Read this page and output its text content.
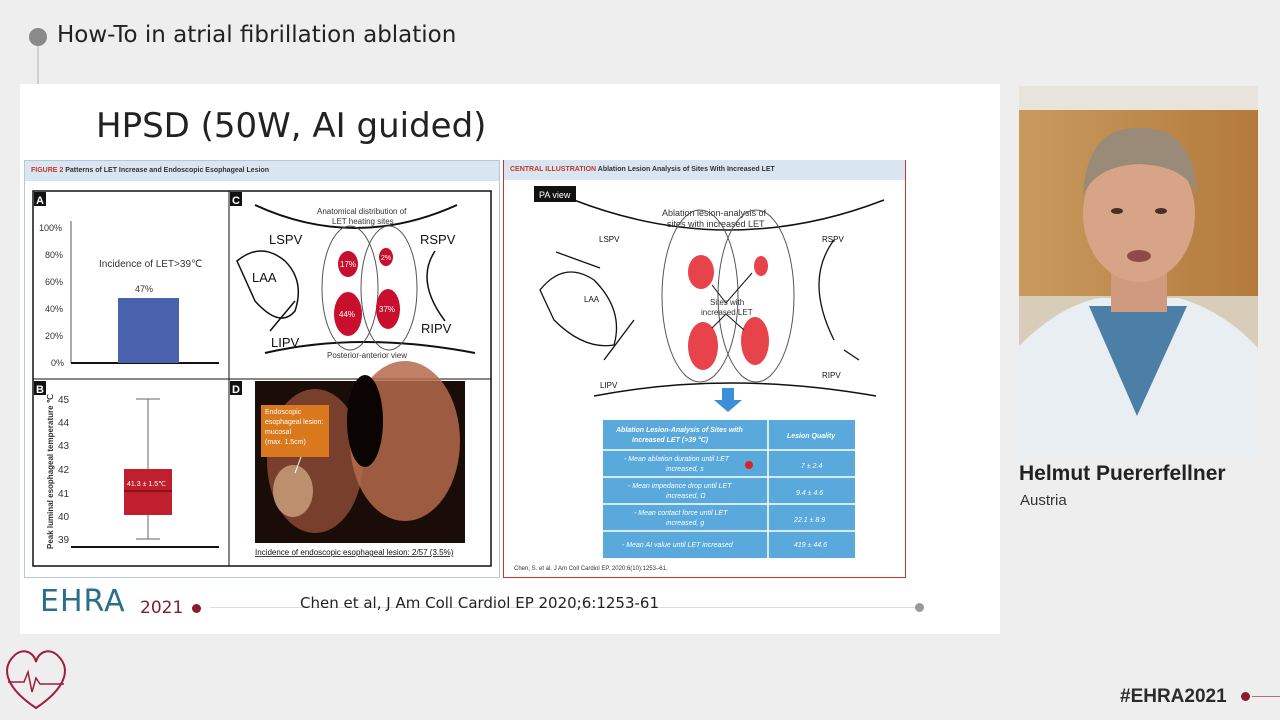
How-To in atrial fibrillation ablation
HPSD (50W, AI guided)
FIGURE 2 Patterns of LET Increase and Endoscopic Esophageal Lesion
A
100%
80%
60%
40%
20%
0%
Incidence of LET>39℃
47%
B
Peak luminal esophageal temperature ℃ 45
44
43
42
41
40
39
41.3 ± 1.5℃
C
Anatomical distribution of
LET heating sites
LSPV	RSPV
LAA
LIPV
RIPV
17%
2%
44%
37%
Posterior-anterior view
D
Endoscopic
esophageal lesion:
mucosal
(max. 1.5cm)
Incidence of endoscopic esophageal lesion: 2/57 (3.5%)
CENTRAL ILLUSTRATION Ablation Lesion Analysis of Sites With Increased LET
PA view
Ablation lesion-analysis of
sites with increased LET
LSPV	RSPV
LAA
LIPV
RIPV
Sites with
increased LET
Ablation Lesion-Analysis of Sites with
Increased LET (>39 °C)
Lesion Quality
- Mean ablation duration until LET
increased, s	7 ± 2.4
- Mean impedance drop until LET
increased, Ω	9.4 ± 4.6
- Mean contact force until LET
increased, g	22.1 ± 8.9
- Mean AI value until LET increased	419 ± 44.6
Chen, S. et al. J Am Coll Cardiol EP. 2020;6(10):1253–61.
EHRA 2021	Chen et al, J Am Coll Cardiol EP 2020;6:1253-61
Helmut Puererfellner
Austria
#EHRA2021
